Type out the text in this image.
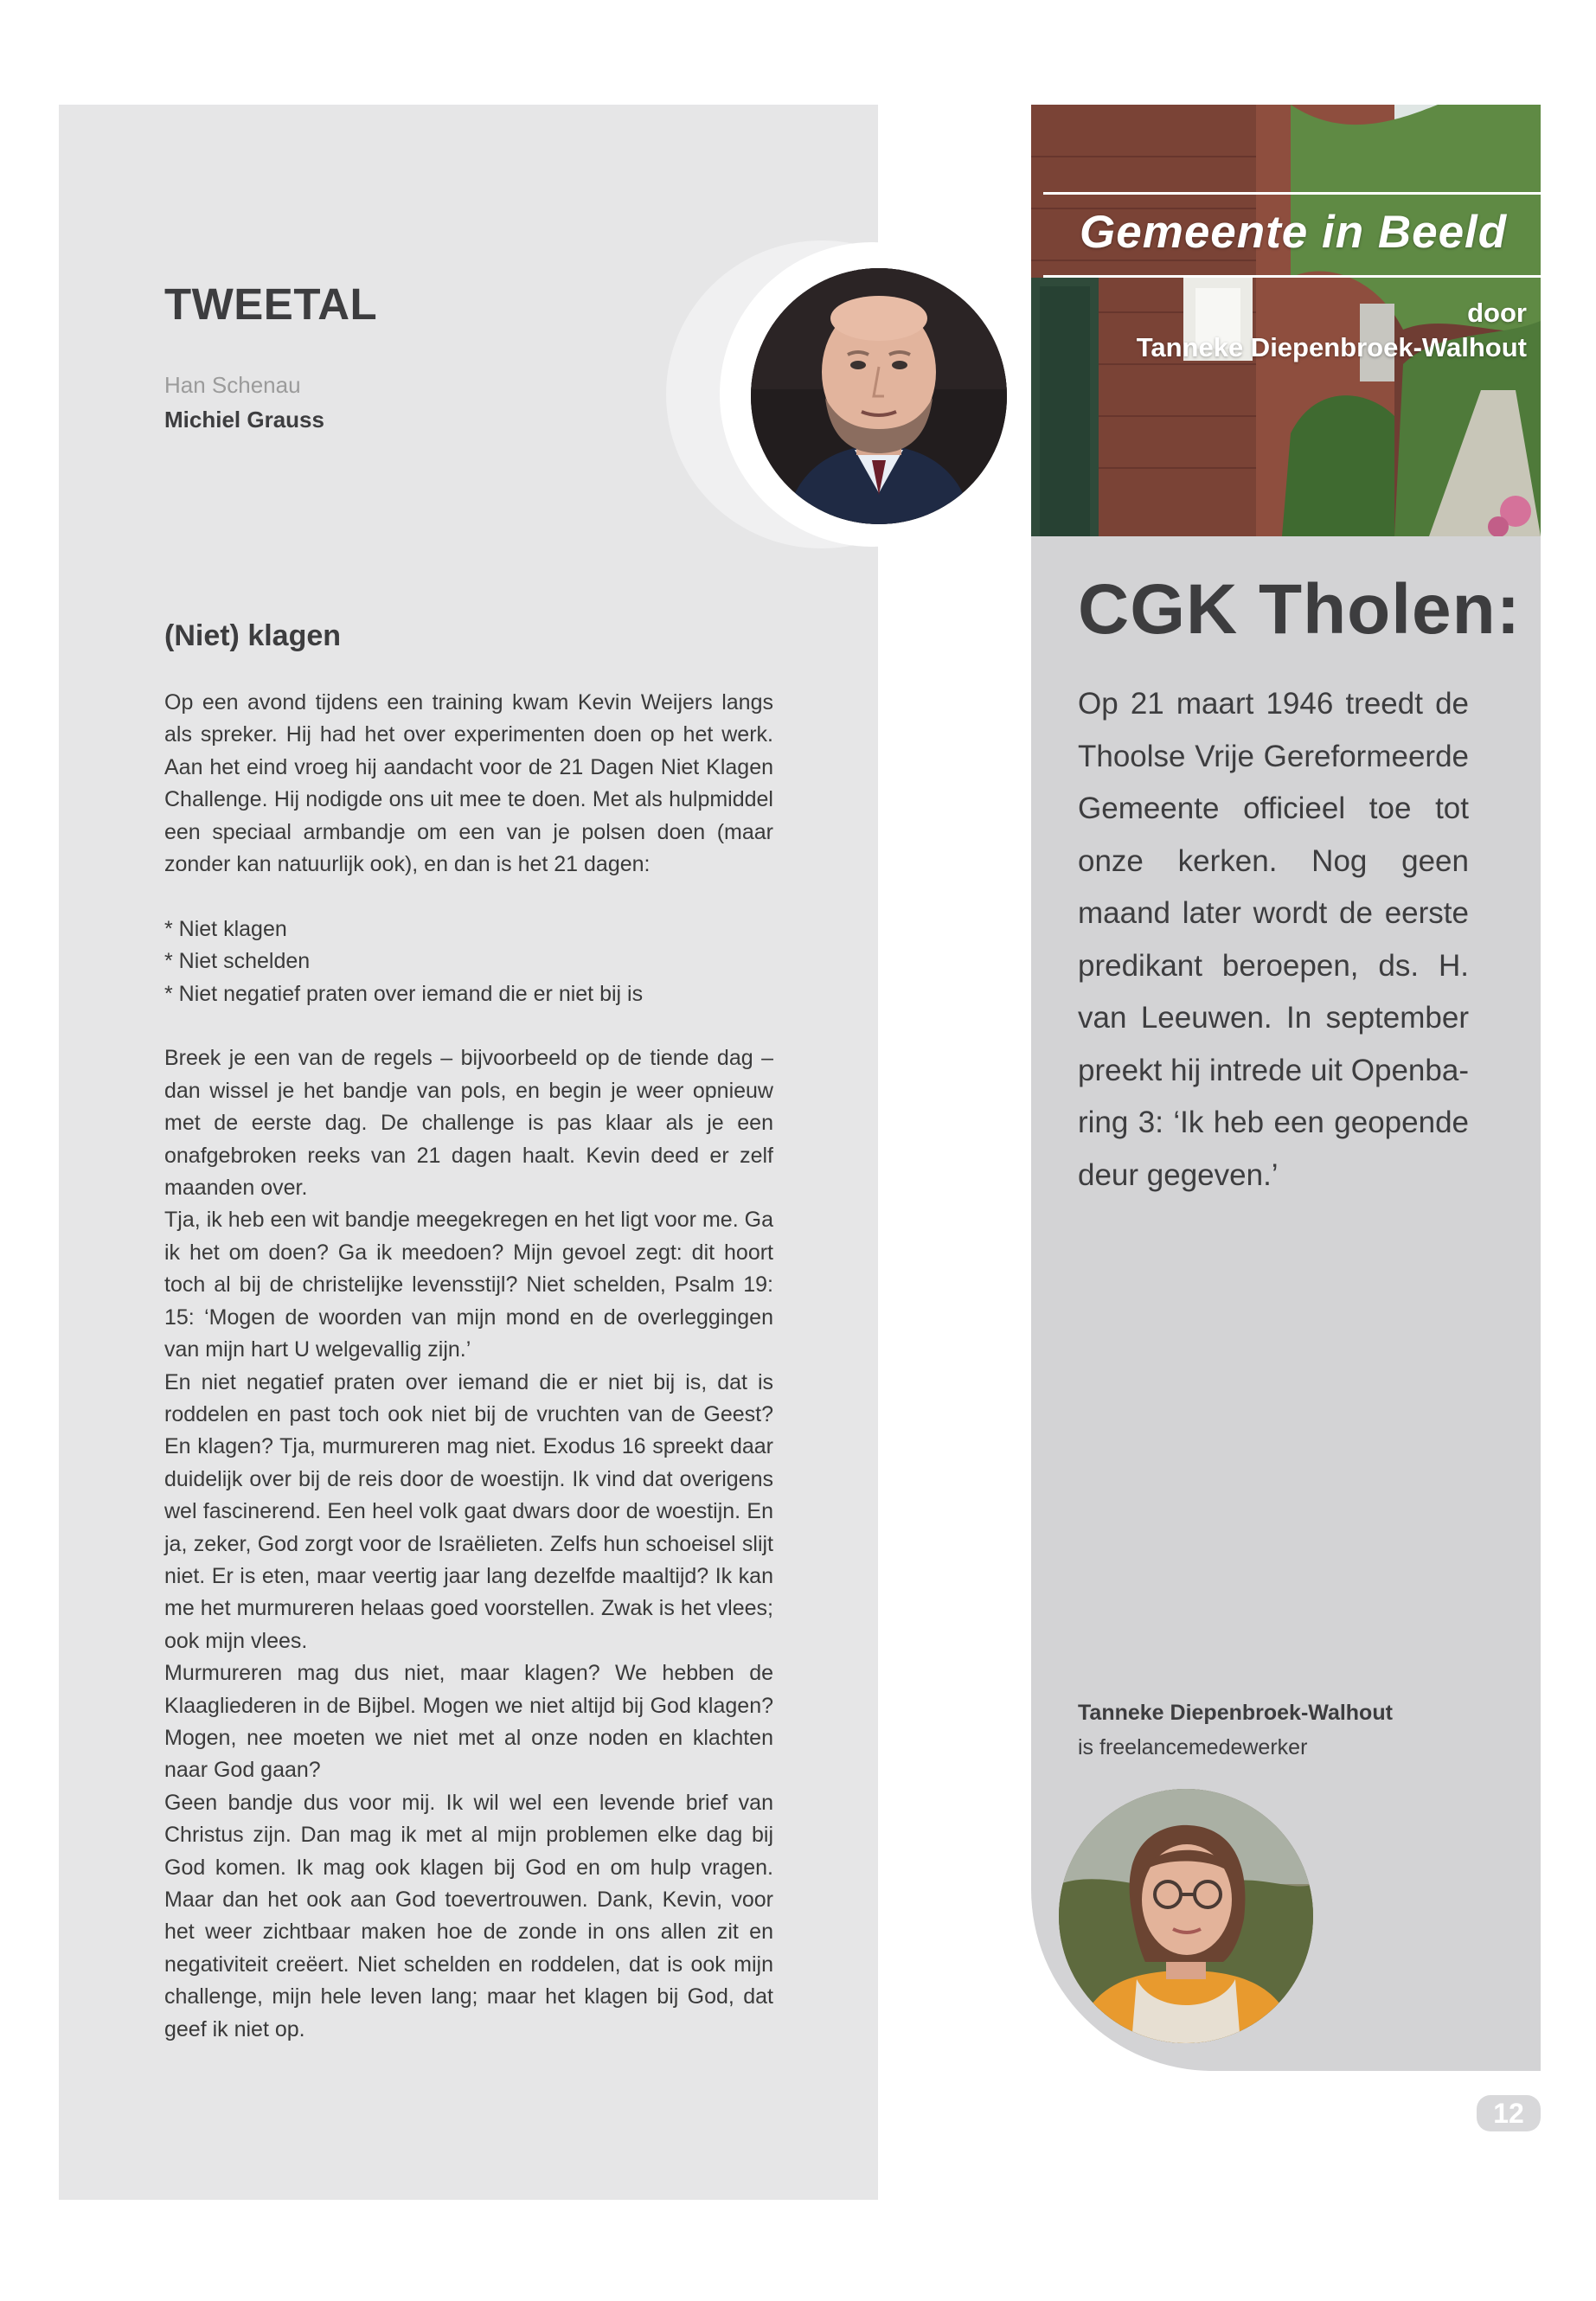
TWEETAL
Han Schenau
Michiel Grauss
(Niet) klagen

Op een avond tijdens een training kwam Kevin Weijers langs als spreker. Hij had het over experimenten doen op het werk. Aan het eind vroeg hij aandacht voor de 21 Dagen Niet Klagen Challenge. Hij nodigde ons uit mee te doen. Met als hulpmiddel een speciaal armbandje om een van je polsen doen (maar zonder kan natuurlijk ook), en dan is het 21 dagen:

* Niet klagen

* Niet schelden

* Niet negatief praten over iemand die er niet bij is

Breek je een van de regels – bijvoorbeeld op de tiende dag – dan wissel je het bandje van pols, en begin je weer opnieuw met de eerste dag. De challenge is pas klaar als je een onafgebroken reeks van 21 dagen haalt. Kevin deed er zelf maanden over.

Tja, ik heb een wit bandje meegekregen en het ligt voor me. Ga ik het om doen? Ga ik meedoen? Mijn gevoel zegt: dit hoort toch al bij de christelijke levensstijl? Niet schelden, Psalm 19: 15: ‘Mogen de woorden van mijn mond en de overleggingen van mijn hart U welgevallig zijn.’

En niet negatief praten over iemand die er niet bij is, dat is roddelen en past toch ook niet bij de vruchten van de Geest? En klagen? Tja, murmureren mag niet. Exodus 16 spreekt daar duidelijk over bij de reis door de woestijn. Ik vind dat overigens wel fascinerend. Een heel volk gaat dwars door de woestijn. En ja, zeker, God zorgt voor de Israëlieten. Zelfs hun schoeisel slijt niet. Er is eten, maar veertig jaar lang dezelfde maaltijd? Ik kan me het murmureren helaas goed voorstellen. Zwak is het vlees; ook mijn vlees.

Murmureren mag dus niet, maar klagen? We hebben de Klaagliederen in de Bijbel. Mogen we niet altijd bij God klagen? Mogen, nee moeten we niet met al onze noden en klachten naar God gaan?

Geen bandje dus voor mij. Ik wil wel een levende brief van Christus zijn. Dan mag ik met al mijn problemen elke dag bij God komen. Ik mag ook klagen bij God en om hulp vragen. Maar dan het ook aan God toevertrouwen. Dank, Kevin, voor het weer zichtbaar maken hoe de zonde in ons allen zit en negativiteit creëert. Niet schelden en roddelen, dat is ook mijn challenge, mijn hele leven lang; maar het klagen bij God, dat geef ik niet op.

Gemeente in Beeld
door
Tanneke Diepenbroek-Walhout
CGK Tholen:
Op 21 maart 1946 treedt de Thoolse Vrije Gereformeerde Gemeente officieel toe tot onze kerken. Nog geen maand later wordt de eerste predikant beroepen, ds. H. van Leeuwen. In september preekt hij intrede uit Openbaring 3: ‘Ik heb een geopende deur gegeven.’
Tanneke Diepenbroek-Walhout
is freelancemedewerker
12
